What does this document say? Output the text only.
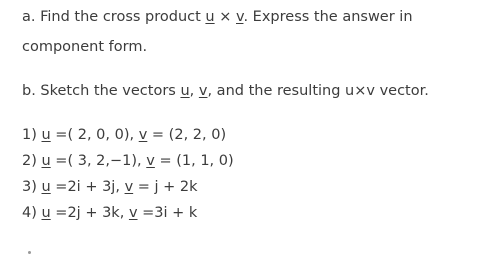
a. Find the cross product u × v. Express the answer in
component form.
b. Sketch the vectors u, v, and the resulting u×v vector.
1) u =( 2, 0, 0), v = (2, 2, 0)
2) u =( 3, 2,−1), v = (1, 1, 0)
3) u =2i + 3j, v = j + 2k
4) u =2j + 3k, v =3i + k
